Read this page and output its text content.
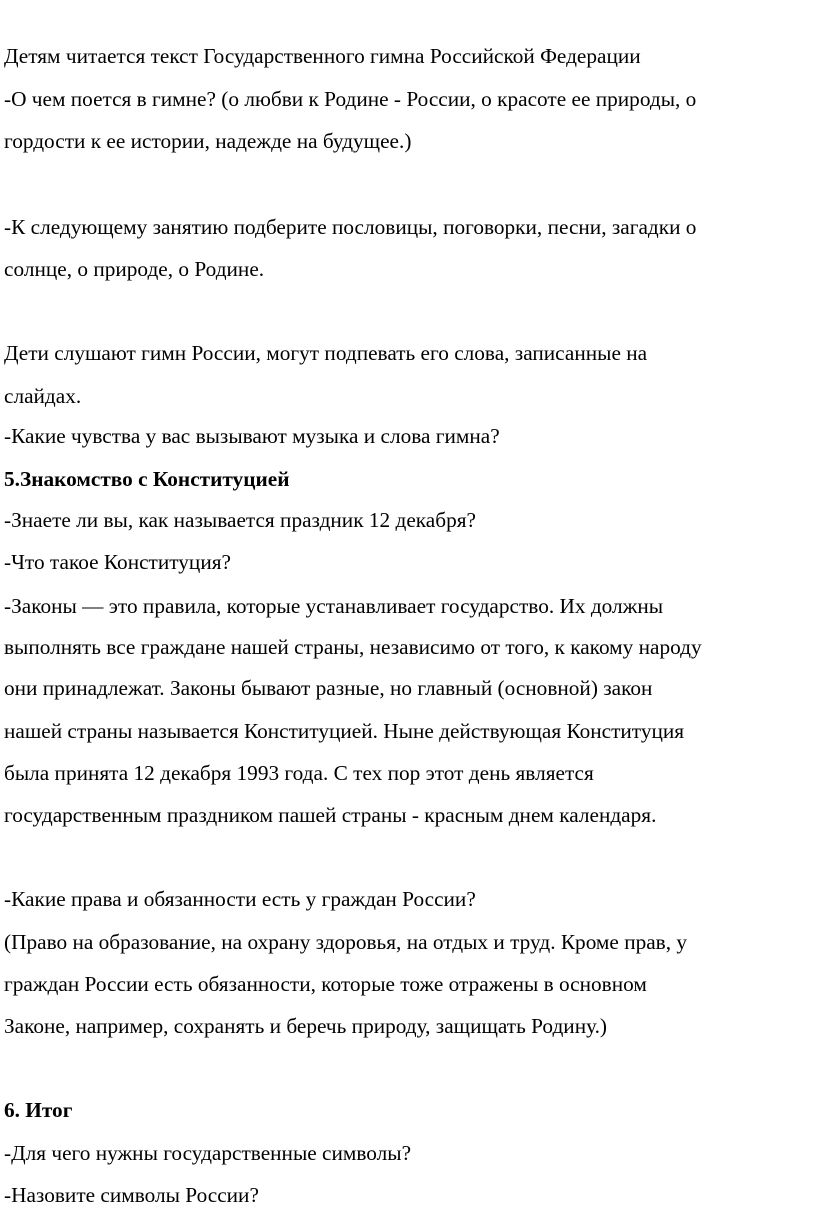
Детям читается текст Государственного гимна Российской Федерации
-О чем поется в гимне? (о любви к Родине - России, о красоте ее природы, о
гордости к ее истории, надежде на будущее.)
-К следующему занятию подберите пословицы, поговорки, песни, загадки о
солнце, о природе, о Родине.
Дети слушают гимн России, могут подпевать его слова, записанные на
слайдах.
-Какие чувства у вас вызывают музыка и слова гимна?
5.Знакомство с Конституцией
-Знаете ли вы, как называется праздник 12 декабря?
-Что такое Конституция?
-Законы — это правила, которые устанавливает государство. Их должны
выполнять все граждане нашей страны, независимо от того, к какому народу
они принадлежат. Законы бывают разные, но главный (основной) закон
нашей страны называется Конституцией. Ныне действующая Конституция
была принята 12 декабря 1993 года. С тех пор этот день является
государственным праздником пашей страны - красным днем календаря.
-Какие права и обязанности есть у граждан России?
(Право на образование, на охрану здоровья, на отдых и труд. Кроме прав, у
граждан России есть обязанности, которые тоже отражены в основном
Законе, например, сохранять и беречь природу, защищать Родину.)
6. Итог
-Для чего нужны государственные символы?
-Назовите символы России?
